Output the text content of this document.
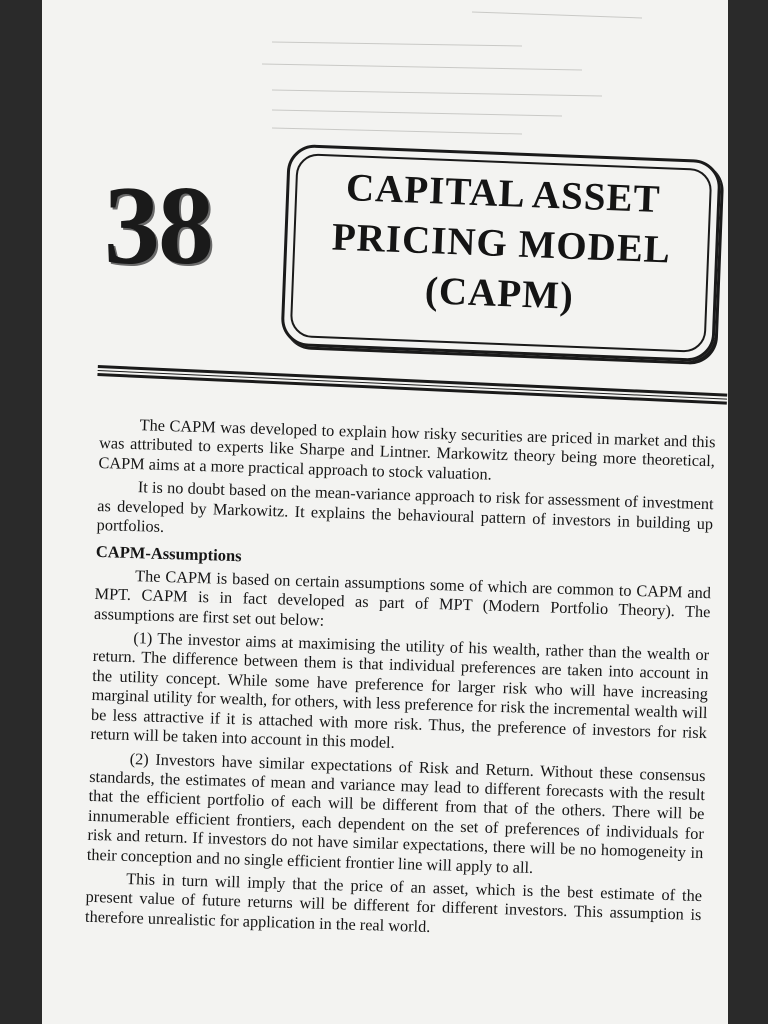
38	CAPITAL ASSET
PRICING MODEL
(CAPM)

The CAPM was developed to explain how risky securities are priced in market and this was attributed to experts like Sharpe and Lintner. Markowitz theory being more theoretical, CAPM aims at a more practical approach to stock valuation.

It is no doubt based on the mean-variance approach to risk for assessment of investment as developed by Markowitz. It explains the behavioural pattern of investors in building up portfolios.

CAPM-Assumptions

The CAPM is based on certain assumptions some of which are common to CAPM and MPT. CAPM is in fact developed as part of MPT (Modern Portfolio Theory). The assumptions are first set out below:

(1) The investor aims at maximising the utility of his wealth, rather than the wealth or return. The difference between them is that individual preferences are taken into account in the utility concept. While some have preference for larger risk who will have increasing marginal utility for wealth, for others, with less preference for risk the incremental wealth will be less attractive if it is attached with more risk. Thus, the preference of investors for risk return will be taken into account in this model.

(2) Investors have similar expectations of Risk and Return. Without these consensus standards, the estimates of mean and variance may lead to different forecasts with the result that the efficient portfolio of each will be different from that of the others. There will be innumerable efficient frontiers, each dependent on the set of preferences of individuals for risk and return. If investors do not have similar expectations, there will be no homogeneity in their conception and no single efficient frontier line will apply to all.

This in turn will imply that the price of an asset, which is the best estimate of the present value of future returns will be different for different investors. This assumption is therefore unrealistic for application in the real world.
